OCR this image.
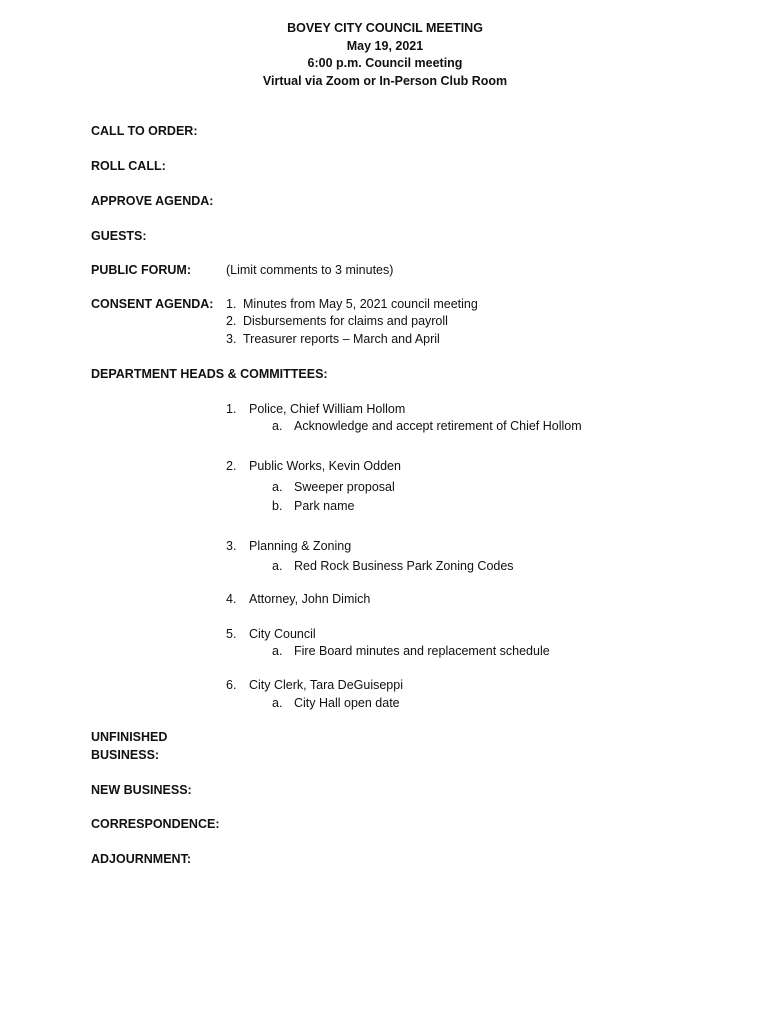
BOVEY CITY COUNCIL MEETING
May 19, 2021
6:00 p.m. Council meeting
Virtual via Zoom or In-Person Club Room
CALL TO ORDER:
ROLL CALL:
APPROVE AGENDA:
GUESTS:
PUBLIC FORUM:	(Limit comments to 3 minutes)
CONSENT AGENDA: 1. Minutes from May 5, 2021 council meeting
2. Disbursements for claims and payroll
3. Treasurer reports – March and April
DEPARTMENT HEADS & COMMITTEES:
1. Police, Chief William Hollom
a. Acknowledge and accept retirement of Chief Hollom
2. Public Works, Kevin Odden
a. Sweeper proposal
b. Park name
3. Planning & Zoning
a. Red Rock Business Park Zoning Codes
4. Attorney, John Dimich
5. City Council
a. Fire Board minutes and replacement schedule
6. City Clerk, Tara DeGuiseppi
a. City Hall open date
UNFINISHED
BUSINESS:
NEW BUSINESS:
CORRESPONDENCE:
ADJOURNMENT:
